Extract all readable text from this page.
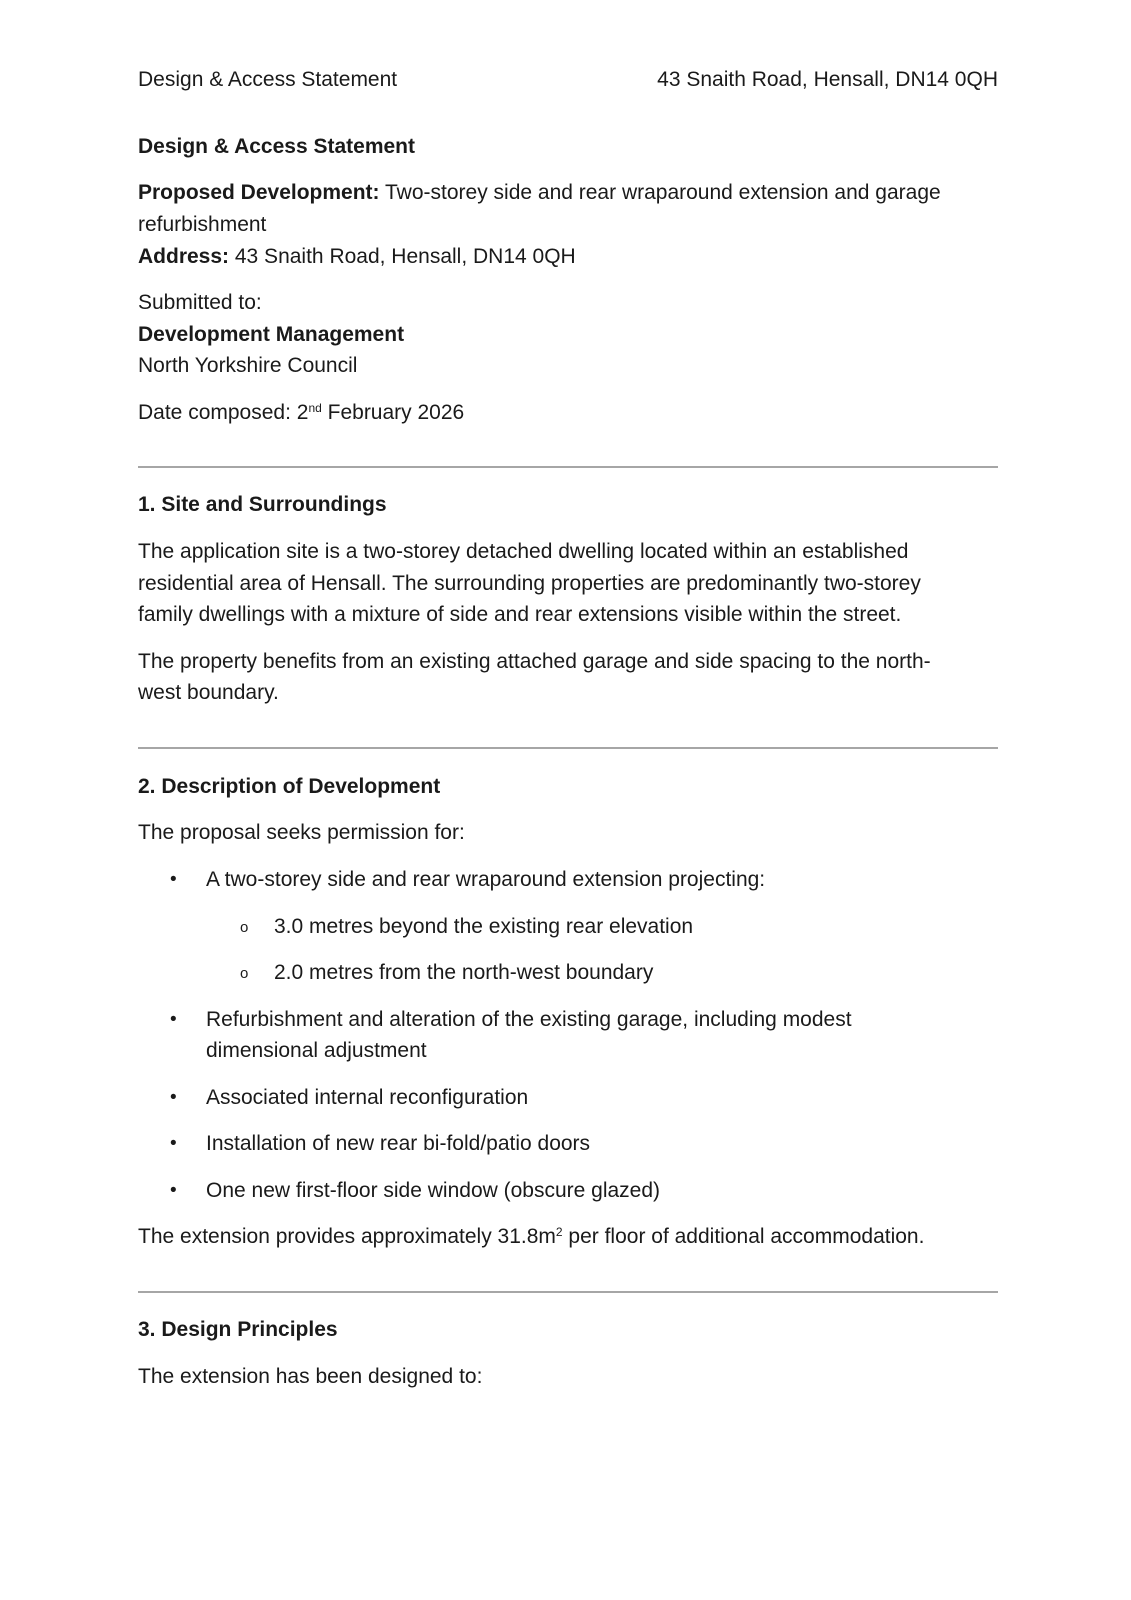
Design & Access Statement	43 Snaith Road, Hensall, DN14 0QH

Design & Access Statement

Proposed Development: Two-storey side and rear wraparound extension and garage

refurbishment

Address: 43 Snaith Road, Hensall, DN14 0QH

Submitted to:

Development Management

North Yorkshire Council

Date composed: 2nd February 2026

1. Site and Surroundings

The application site is a two-storey detached dwelling located within an established

residential area of Hensall. The surrounding properties are predominantly two-storey

family dwellings with a mixture of side and rear extensions visible within the street.

The property benefits from an existing attached garage and side spacing to the north-

west boundary.

2. Description of Development

The proposal seeks permission for:

• A two-storey side and rear wraparound extension projecting:
o 3.0 metres beyond the existing rear elevation
o 2.0 metres from the north-west boundary
• Refurbishment and alteration of the existing garage, including modest
dimensional adjustment
• Associated internal reconfiguration
• Installation of new rear bi-fold/patio doors
• One new first-floor side window (obscure glazed)

The extension provides approximately $31.8m^2$ per floor of additional accommodation.

3. Design Principles

The extension has been designed to:
